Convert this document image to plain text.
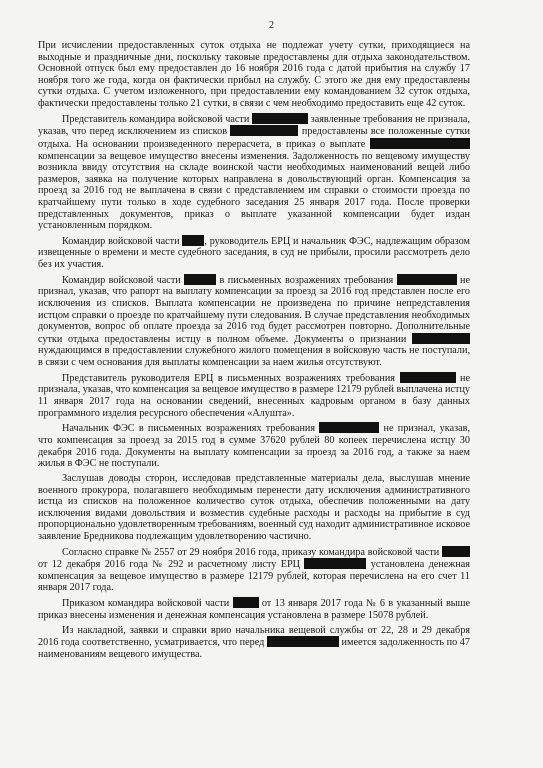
2

При исчислении предоставленных суток отдыха не подлежат учету сутки, приходящиеся на выходные и праздничные дни, поскольку таковые предоставлены для отдыха законодательством. Основной отпуск был ему предоставлен до 16 ноября 2016 года с датой прибытия на службу 17 ноября того же года, когда он фактически прибыл на службу. С этого же дня ему предоставлены сутки отдыха. С учетом изложенного, при предоставлении ему командованием 32 суток отдыха, фактически предоставлены только 21 сутки, в связи с чем необходимо предоставить еще 42 суток.

Представитель командира войсковой части	заявленные требования не признала, указав, что перед исключением из списков	предоставлены все положенные сутки отдыха. На основании произведенного перерасчета, в приказ о выплате  компенсации за вещевое имущество внесены изменения. Задолженность по вещевому имуществу возникла ввиду отсутствия на складе воинской части необходимых наименований вещей либо размеров, заявка на получение которых направлена в довольствующий орган. Компенсация за проезд за 2016 год не выплачена в связи с представлением им справки о стоимости проезда по кратчайшему пути только в ходе судебного заседания 25 января 2017 года. После проверки представленных документов, приказ о выплате указанной компенсации будет издан установленным порядком.

Командир войсковой части , руководитель ЕРЦ и начальник ФЭС, надлежащим образом извещенные о времени и месте судебного заседания, в суд не прибыли, просили рассмотреть дело без их участия.

Командир войсковой части	в письменных возражениях требования	не признал, указав, что рапорт на выплату компенсации за проезд за 2016 год представлен после его исключения из списков. Выплата компенсации не произведена по причине непредставления истцом справки о проезде по кратчайшему пути следования. В случае представления необходимых документов, вопрос об оплате проезда за 2016 год будет рассмотрен повторно. Дополнительные сутки отдыха предоставлены истцу в полном объеме. Документы о признании  нуждающимся в предоставлении служебного жилого помещения в войсковую часть не поступали, в связи с чем основания для выплаты компенсации за наем жилья отсутствуют.

Представитель руководителя ЕРЦ в письменных возражениях требования	не признала, указав, что компенсация за вещевое имущество в размере 12179 рублей выплачена истцу 11 января 2017 года на основании сведений, внесенных кадровым органом в базу данных программного изделия ресурсного обеспечения «Алушта».

Начальник ФЭС в письменных возражениях требования	не признал, указав, что компенсация за проезд за 2015 год в сумме 37620 рублей 80 копеек перечислена истцу 30 декабря 2016 года. Документы на выплату компенсации за проезд за 2016 год, а также за наем жилья в ФЭС не поступали.

Заслушав доводы сторон, исследовав представленные материалы дела, выслушав мнение военного прокурора, полагавшего необходимым перенести дату исключения административного истца из списков на положенное количество суток отдыха, обеспечив положенными на дату исключения видами довольствия и возместив судебные расходы и расходы на прибытие в суд пропорционально удовлетворенным требованиям, военный суд находит административное исковое заявление Бредникова подлежащим удовлетворению частично.

Согласно справке № 2557 от 29 ноября 2016 года, приказу командира войсковой части  от 12 декабря 2016 года № 292 и расчетному листу ЕРЦ	установлена денежная компенсация за вещевое имущество в размере 12179 рублей, которая перечислена на его счет 11 января 2017 года.

Приказом командира войсковой части	от 13 января 2017 года № 6 в указанный выше приказ внесены изменения и денежная компенсация установлена в размере 15078 рублей.

Из накладной, заявки и справки врио начальника вещевой службы от 22, 28 и 29 декабря 2016 года соответственно, усматривается, что перед	имеется задолженность по 47 наименованиям вещевого имущества.
